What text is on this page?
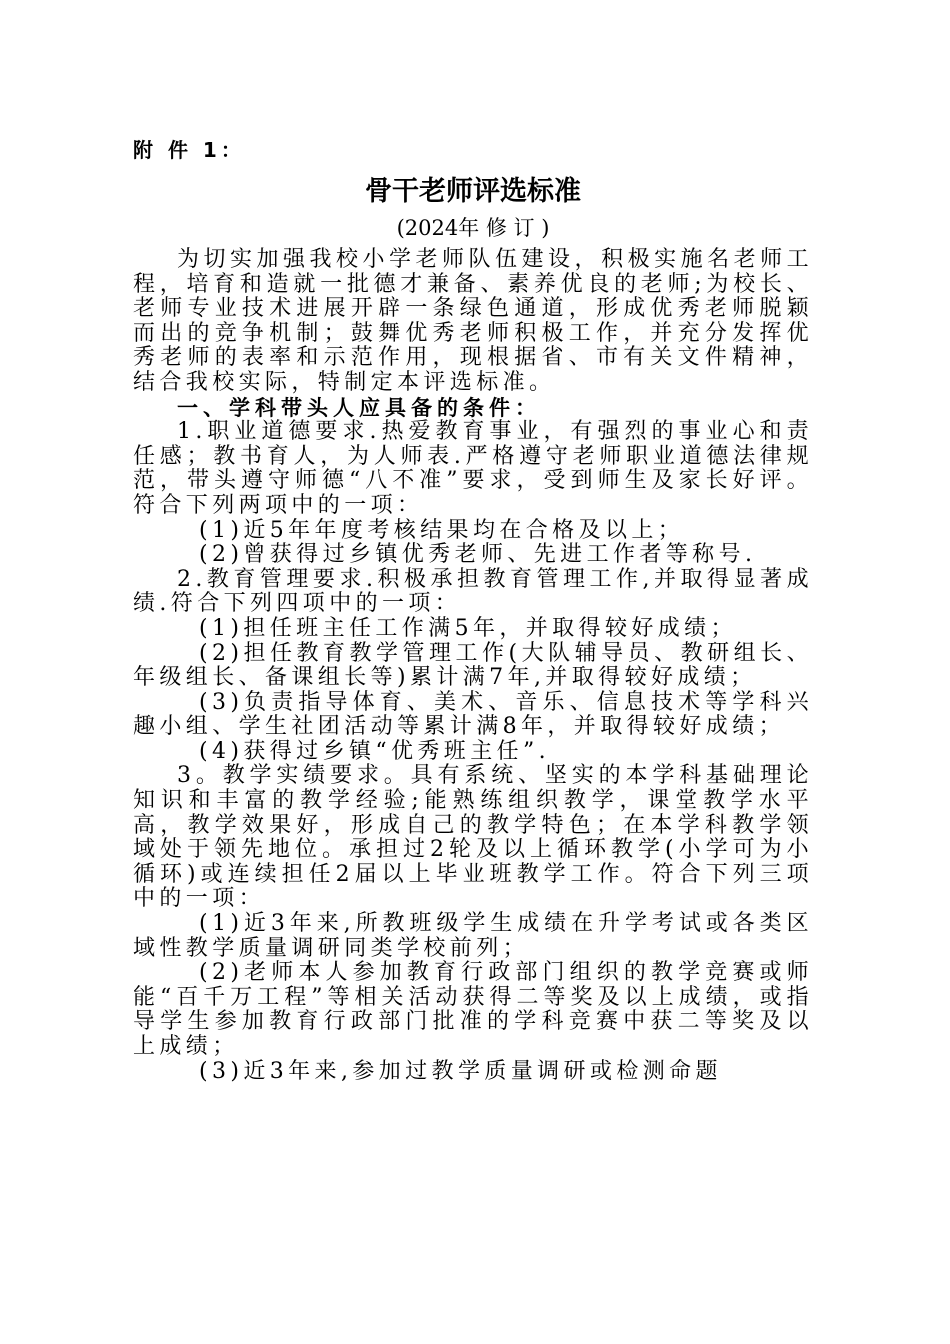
附 件 1：
骨干老师评选标准
(2024年 修 订 )

为切实加强我校小学老师队伍建设，积极实施名老师工程，培育和造就一批德才兼备、素养优良的老师;为校长、老师专业技术进展开辟一条绿色通道，形成优秀老师脱颖而出的竞争机制；鼓舞优秀老师积极工作，并充分发挥优秀老师的表率和示范作用，现根据省、市有关文件精神，结合我校实际，特制定本评选标准。

一、学科带头人应具备的条件：

1.职业道德要求.热爱教育事业，有强烈的事业心和责任感；教书育人，为人师表.严格遵守老师职业道德法律规范，带头遵守师德“八不准”要求，受到师生及家长好评。符合下列两项中的一项：

(1)近5年年度考核结果均在合格及以上；

(2)曾获得过乡镇优秀老师、先进工作者等称号.

2.教育管理要求.积极承担教育管理工作,并取得显著成绩.符合下列四项中的一项：

(1)担任班主任工作满5年，并取得较好成绩；

(2)担任教育教学管理工作(大队辅导员、教研组长、年级组长、备课组长等)累计满7年,并取得较好成绩；

(3)负责指导体育、美术、音乐、信息技术等学科兴趣小组、学生社团活动等累计满8年，并取得较好成绩；

(4)获得过乡镇“优秀班主任”.

3。教学实绩要求。具有系统、坚实的本学科基础理论知识和丰富的教学经验;能熟练组织教学，课堂教学水平高，教学效果好，形成自己的教学特色；在本学科教学领域处于领先地位。承担过2轮及以上循环教学(小学可为小循环)或连续担任2届以上毕业班教学工作。符合下列三项中的一项：

(1)近3年来,所教班级学生成绩在升学考试或各类区域性教学质量调研同类学校前列；

(2)老师本人参加教育行政部门组织的教学竞赛或师能“百千万工程”等相关活动获得二等奖及以上成绩，或指导学生参加教育行政部门批准的学科竞赛中获二等奖及以上成绩；

(3)近3年来,参加过教学质量调研或检测命题
